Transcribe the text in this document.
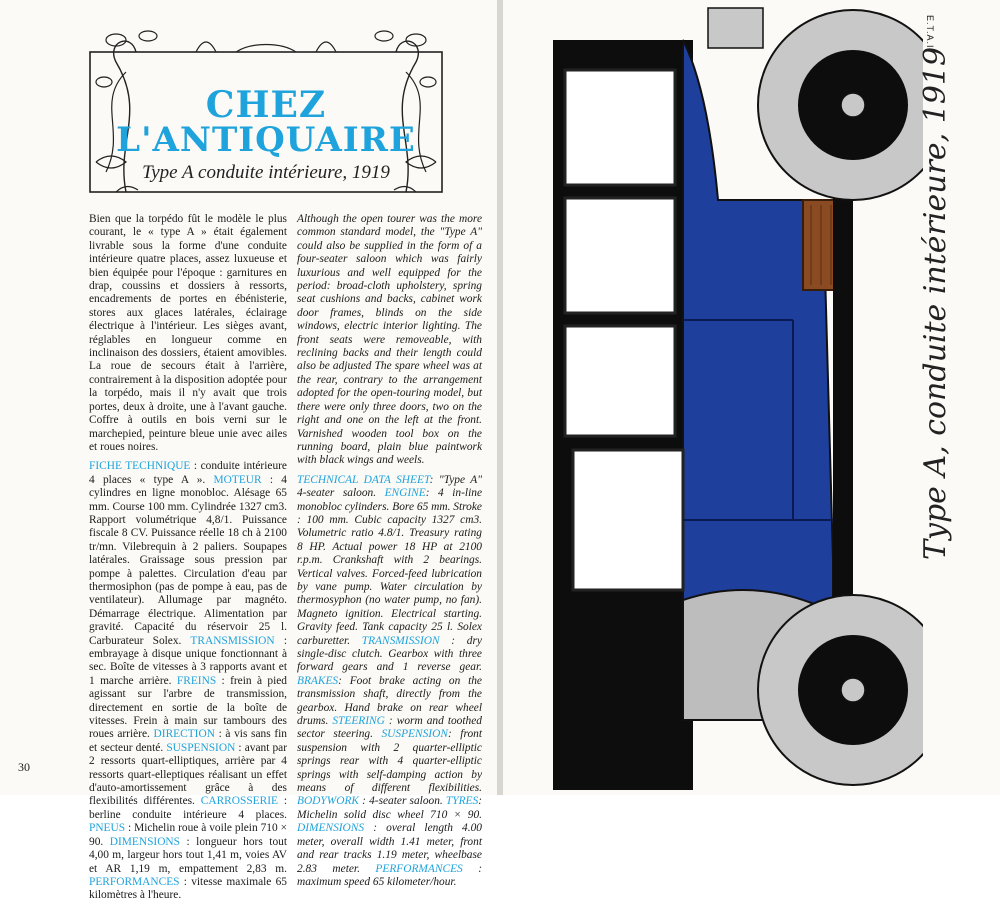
CHEZ
L'ANTIQUAIRE
Type A conduite intérieure, 1919

Bien que la torpédo fût le modèle le plus courant, le « type A » était également livrable sous la forme d'une conduite intérieure quatre places, assez luxueuse et bien équipée pour l'époque : garnitures en drap, coussins et dossiers à ressorts, encadrements de portes en ébénisterie, stores aux glaces latérales, éclairage électrique à l'intérieur. Les sièges avant, réglables en longueur comme en inclinaison des dossiers, étaient amovibles. La roue de secours était à l'arrière, contrairement à la disposition adoptée pour la torpédo, mais il n'y avait que trois portes, deux à droite, une à l'avant gauche. Coffre à outils en bois verni sur le marchepied, peinture bleue unie avec ailes et roues noires.

FICHE TECHNIQUE : conduite intérieure 4 places « type A ». MOTEUR : 4 cylindres en ligne monobloc. Alésage 65 mm. Course 100 mm. Cylindrée 1327 cm3. Rapport volumétrique 4,8/1. Puissance fiscale 8 CV. Puissance réelle 18 ch à 2100 tr/mn. Vilebrequin à 2 paliers. Soupapes latérales. Graissage sous pression par pompe à palettes. Circulation d'eau par thermosiphon (pas de pompe à eau, pas de ventilateur). Allumage par magnéto. Démarrage électrique. Alimentation par gravité. Capacité du réservoir 25 l. Carburateur Solex. TRANSMISSION : embrayage à disque unique fonctionnant à sec. Boîte de vitesses à 3 rapports avant et 1 marche arrière. FREINS : frein à pied agissant sur l'arbre de transmission, directement en sortie de la boîte de vitesses. Frein à main sur tambours des roues arrière. DIRECTION : à vis sans fin et secteur denté. SUSPENSION : avant par 2 ressorts quart-elliptiques, arrière par 4 ressorts quart-elleptiques réalisant un effet d'auto-amortissement grâce à des flexibilités différentes. CARROSSERIE : berline conduite intérieure 4 places. PNEUS : Michelin roue à voile plein 710 × 90. DIMENSIONS : longueur hors tout 4,00 m, largeur hors tout 1,41 m, voies AV et AR 1,19 m, empattement 2,83 m. PERFORMANCES : vitesse maximale 65 kilomètres à l'heure.

Although the open tourer was the more common standard model, the "Type A" could also be supplied in the form of a four-seater saloon which was fairly luxurious and well equipped for the period: broad-cloth upholstery, spring seat cushions and backs, cabinet work door frames, blinds on the side windows, electric interior lighting. The front seats were removeable, with reclining backs and their length could also be adjusted The spare wheel was at the rear, contrary to the arrangement adopted for the open-touring model, but there were only three doors, two on the right and one on the left at the front. Varnished wooden tool box on the running board, plain blue paintwork with black wings and weels.

TECHNICAL DATA SHEET: "Type A" 4-seater saloon. ENGINE: 4 in-line monobloc cylinders. Bore 65 mm. Stroke : 100 mm. Cubic capacity 1327 cm3. Volumetric ratio 4.8/1. Treasury rating 8 HP. Actual power 18 HP at 2100 r.p.m. Crankshaft with 2 bearings. Vertical valves. Forced-feed lubrication by vane pump. Water circulation by thermosyphon (no water pump, no fan). Magneto ignition. Electrical starting. Gravity feed. Tank capacity 25 l. Solex carburetter. TRANSMISSION : dry single-disc clutch. Gearbox with three forward gears and 1 reverse gear. BRAKES: Foot brake acting on the transmission shaft, directly from the gearbox. Hand brake on rear wheel drums. STEERING : worm and toothed sector steering. SUSPENSION: front suspension with 2 quarter-elliptic springs rear with 4 quarter-elliptic springs with self-damping action by means of different flexibilities. BODYWORK : 4-seater saloon. TYRES: Michelin solid disc wheel 710 × 90. DIMENSIONS : overal length 4.00 meter, overall width 1.41 meter, front and rear tracks 1.19 meter, wheelbase 2.83 meter. PERFORMANCES : maximum speed 65 kilometer/hour.

30
E.T.A.I.
Type A, conduite intérieure, 1919
